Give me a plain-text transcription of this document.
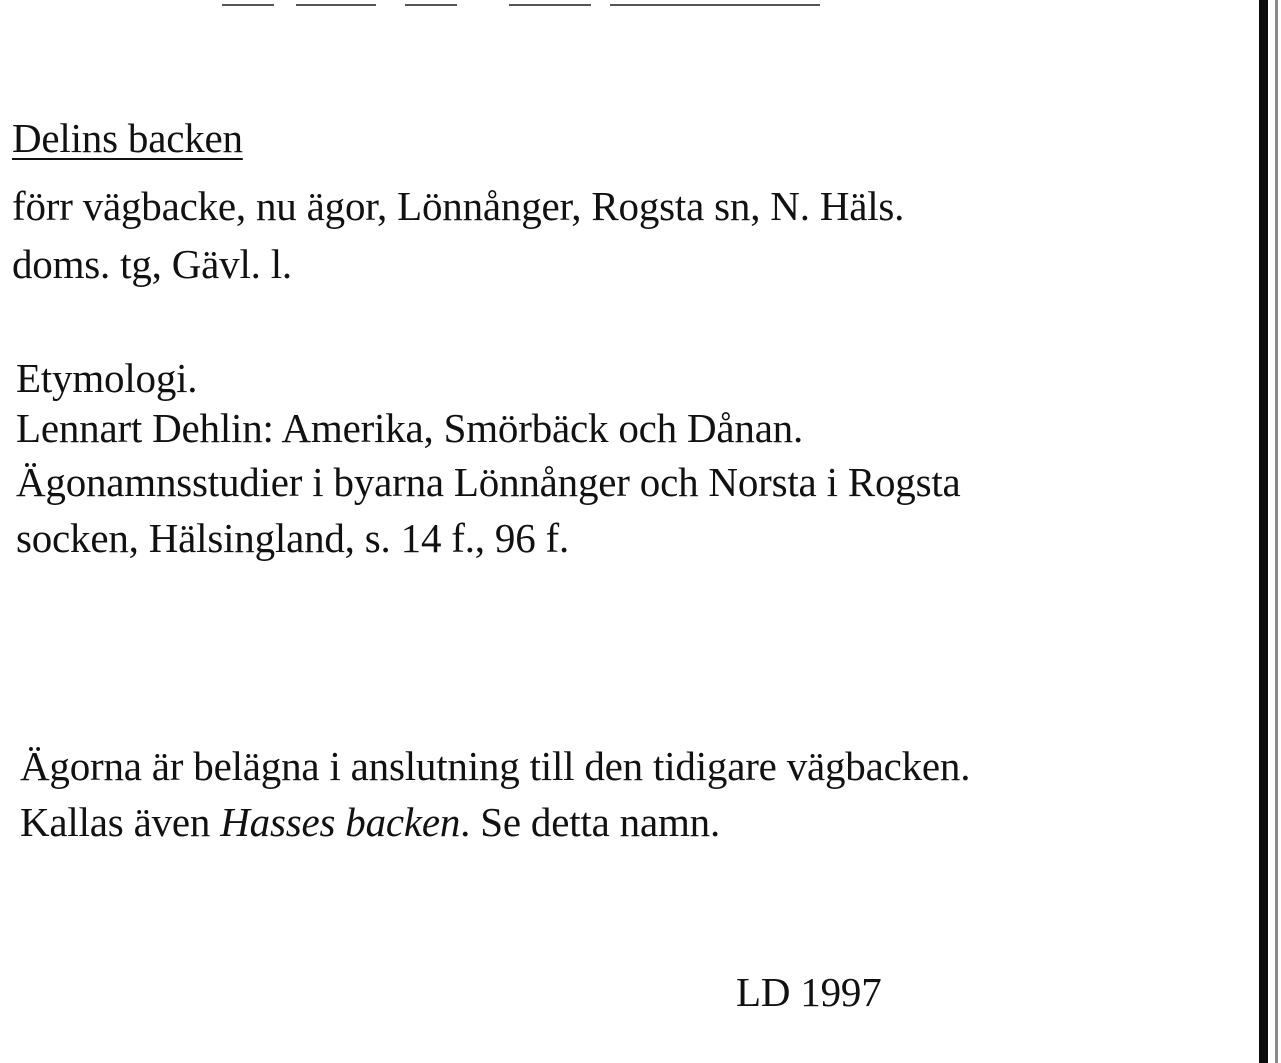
Delins backen

förr vägbacke, nu ägor, Lönnånger, Rogsta sn, N. Häls.

doms. tg, Gävl. l.

Etymologi.

Lennart Dehlin: Amerika, Smörbäck och Dånan.

Ägonamnsstudier i byarna Lönnånger och Norsta i Rogsta

socken, Hälsingland, s. 14 f., 96 f.

Ägorna är belägna i anslutning till den tidigare vägbacken.

Kallas även Hasses backen. Se detta namn.

LD 1997
